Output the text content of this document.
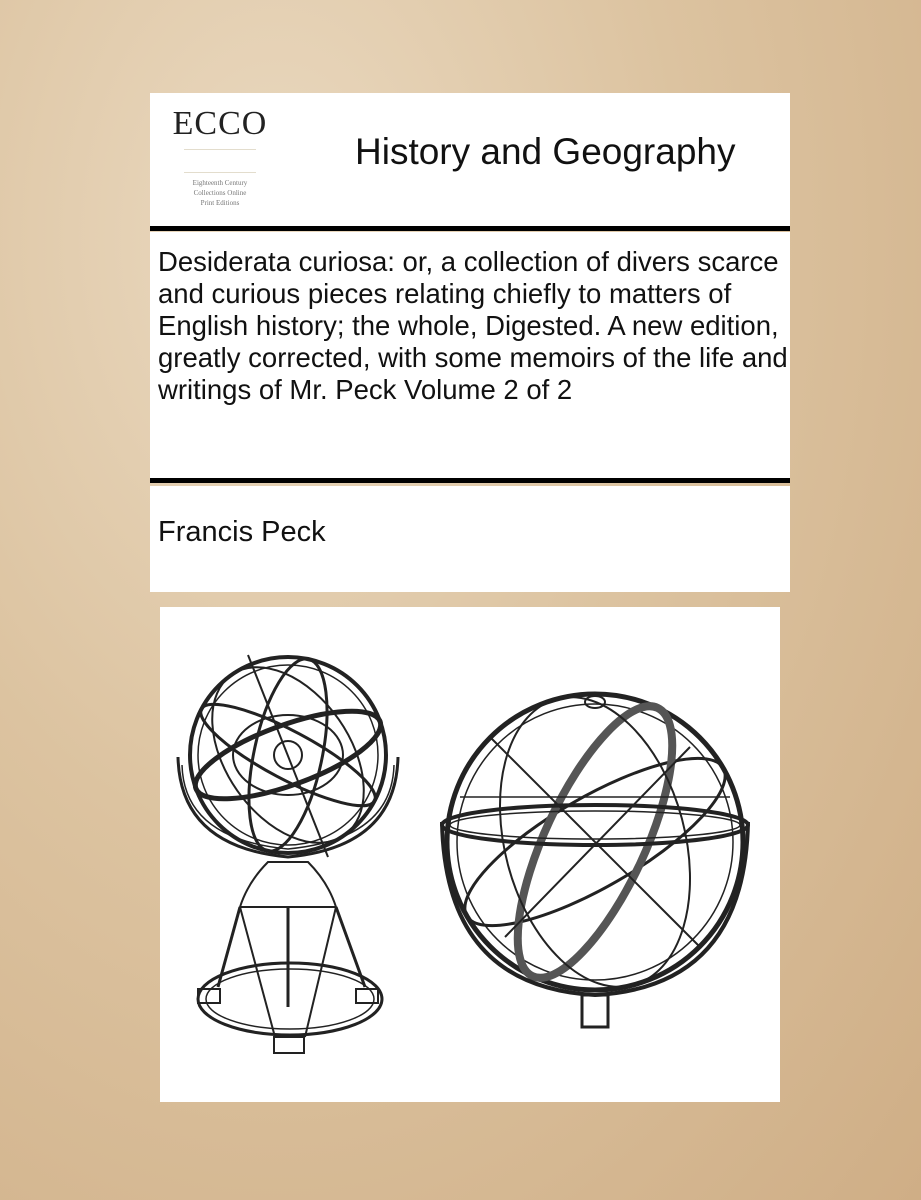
ECCO
Eighteenth Century
Collections Online
Print Editions
History and Geography
Desiderata curiosa: or, a collection of divers scarce and curious pieces relating chiefly to matters of English history; the whole, Digested. A new edition, greatly corrected, with some memoirs of the life and writings of Mr. Peck Volume 2 of 2
Francis Peck
